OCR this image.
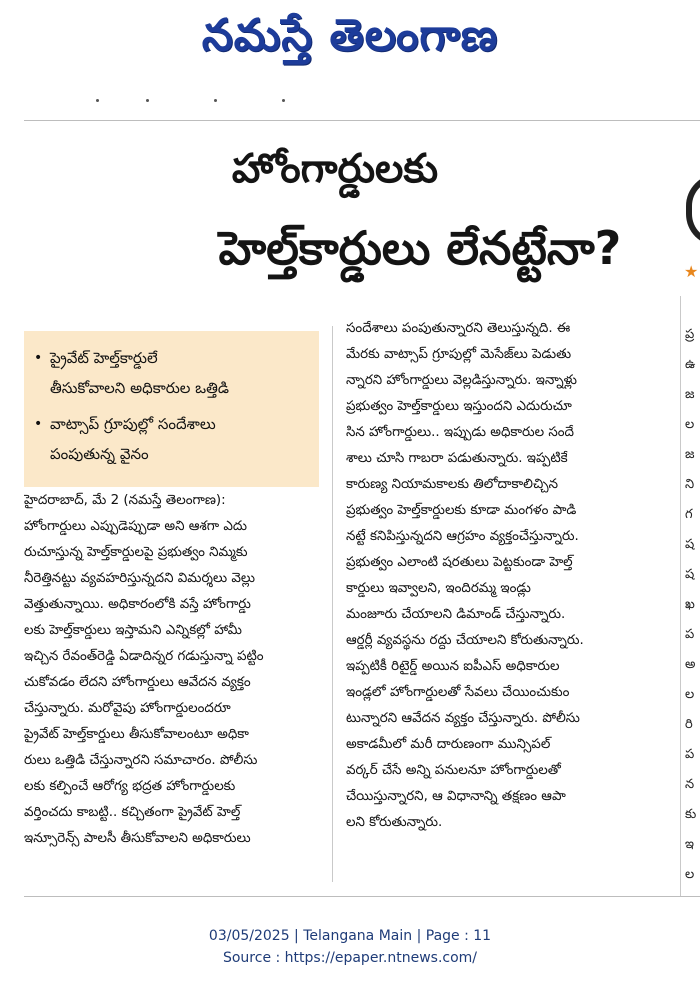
నమస్తే తెలంగాణ
హోంగార్డులకు
హెల్త్‌కార్డులు లేనట్టేనా?	★
• ప్రైవేట్ హెల్త్‌కార్డులే
తీసుకోవాలని అధికారుల ఒత్తిడి
• వాట్సాప్ గ్రూపుల్లో సందేశాలు
పంపుతున్న వైనం

హైదరాబాద్, మే 2 (నమస్తే తెలంగాణ):

హోంగార్డులు ఎప్పుడెప్పుడా అని ఆశగా ఎదు

రుచూస్తున్న హెల్త్‌కార్డులపై ప్రభుత్వం నిమ్మకు

నీరెత్తినట్టు వ్యవహరిస్తున్నదని విమర్శలు వెల్లు

వెత్తుతున్నాయి. అధికారంలోకి వస్తే హోంగార్డు

లకు హెల్త్‌కార్డులు ఇస్తామని ఎన్నికల్లో హామీ

ఇచ్చిన రేవంత్‌రెడ్డి ఏడాదిన్నర గడుస్తున్నా పట్టిం

చుకోవడం లేదని హోంగార్డులు ఆవేదన వ్యక్తం

చేస్తున్నారు. మరోవైపు హోంగార్డులందరూ

ప్రైవేట్ హెల్త్‌కార్డులు తీసుకోవాలంటూ అధికా

రులు ఒత్తిడి చేస్తున్నారని సమాచారం. పోలీసు

లకు కల్పించే ఆరోగ్య భద్రత హోంగార్డులకు

వర్తించదు కాబట్టి.. కచ్చితంగా ప్రైవేట్ హెల్త్

ఇన్సూరెన్స్ పాలసీ తీసుకోవాలని అధికారులు

సందేశాలు పంపుతున్నారని తెలుస్తున్నది. ఈ

మేరకు వాట్సాప్ గ్రూపుల్లో మెసేజ్‌లు పెడుతు

న్నారని హోంగార్డులు వెల్లడిస్తున్నారు. ఇన్నాళ్లు

ప్రభుత్వం హెల్త్‌కార్డులు ఇస్తుందని ఎదురుచూ

సిన హోంగార్డులు.. ఇప్పుడు అధికారుల సందే

శాలు చూసి గాబరా పడుతున్నారు. ఇప్పటికే

కారుణ్య నియామకాలకు తిలోదాకాలిచ్చిన

ప్రభుత్వం హెల్త్‌కార్డులకు కూడా మంగళం పాడి

నట్టే కనిపిస్తున్నదని ఆగ్రహం వ్యక్తంచేస్తున్నారు.

ప్రభుత్వం ఎలాంటి షరతులు పెట్టకుండా హెల్త్

కార్డులు ఇవ్వాలని, ఇందిరమ్మ ఇండ్లు

మంజూరు చేయాలని డిమాండ్ చేస్తున్నారు.

ఆర్డర్లీ వ్యవస్థను రద్దు చేయాలని కోరుతున్నారు.

ఇప్పటికీ రిటైర్డ్ అయిన ఐపీఎస్ అధికారుల

ఇండ్లలో హోంగార్డులతో సేవలు చేయించుకుం

టున్నారని ఆవేదన వ్యక్తం చేస్తున్నారు. పోలీసు

అకాడమీలో మరీ దారుణంగా మున్సిపల్

వర్కర్ చేసే అన్ని పనులనూ హోంగార్డులతో

చేయిస్తున్నారని, ఆ విధానాన్ని తక్షణం ఆపా

లని కోరుతున్నారు.

ప్ర
ఉ
జ
ల
జ
ని
గ
ష
ష
ఖ
ప
అ
ల
రి
ప
న
కు
ఇ
ల
03/05/2025 | Telangana Main | Page : 11
Source : https://epaper.ntnews.com/
